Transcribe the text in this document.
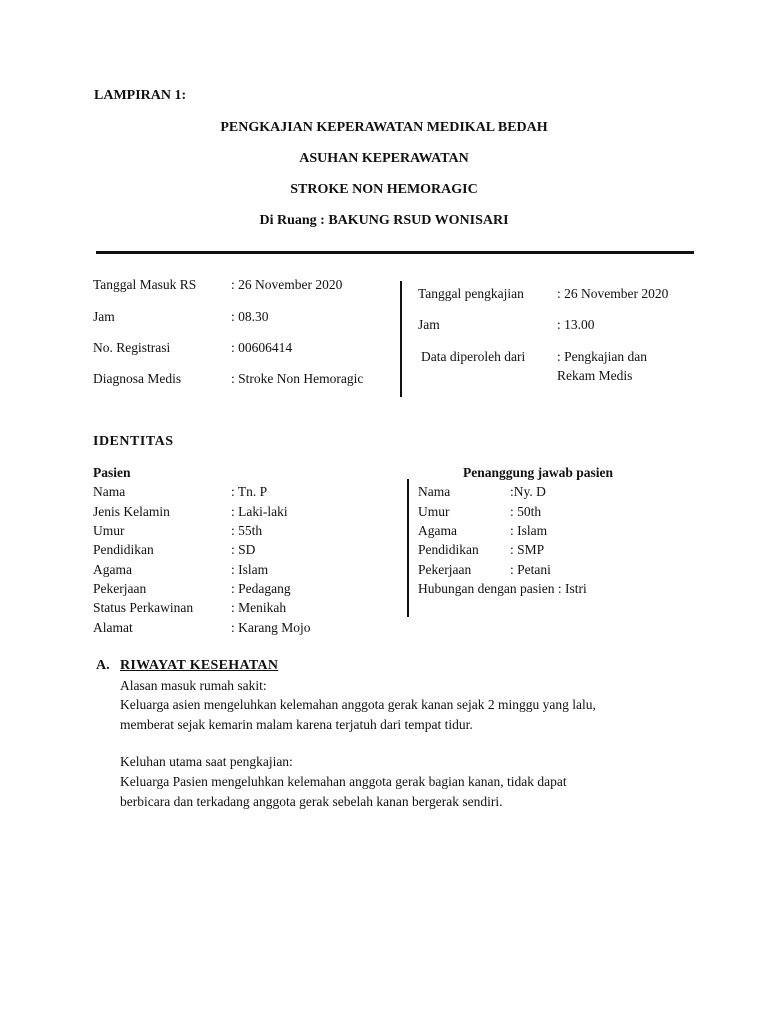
LAMPIRAN 1:
PENGKAJIAN KEPERAWATAN MEDIKAL BEDAH
ASUHAN KEPERAWATAN
STROKE NON HEMORAGIC
Di Ruang : BAKUNG RSUD WONISARI
Tanggal Masuk RS	: 26 November 2020
Jam	: 08.30
No. Registrasi	: 00606414
Diagnosa Medis	: Stroke Non Hemoragic
Tanggal pengkajian : 26 November 2020
Jam	: 13.00
Data diperoleh dari : Pengkajian dan
Rekam Medis
IDENTITAS
Pasien	Penanggung jawab pasien
Nama	: Tn. P
Jenis Kelamin	: Laki-laki
Umur	: 55th
Pendidikan	: SD
Agama	: Islam
Pekerjaan	: Pedagang
Status Perkawinan	: Menikah
Alamat	: Karang Mojo
Nama	:Ny. D
Umur	: 50th
Agama	: Islam
Pendidikan : SMP
Pekerjaan	: Petani
Hubungan dengan pasien : Istri
A. RIWAYAT KESEHATAN
Alasan masuk rumah sakit:
Keluarga asien mengeluhkan kelemahan anggota gerak kanan sejak 2 minggu yang lalu,
memberat sejak kemarin malam karena terjatuh dari tempat tidur.
Keluhan utama saat pengkajian:
Keluarga Pasien mengeluhkan kelemahan anggota gerak bagian kanan, tidak dapat
berbicara dan terkadang anggota gerak sebelah kanan bergerak sendiri.
